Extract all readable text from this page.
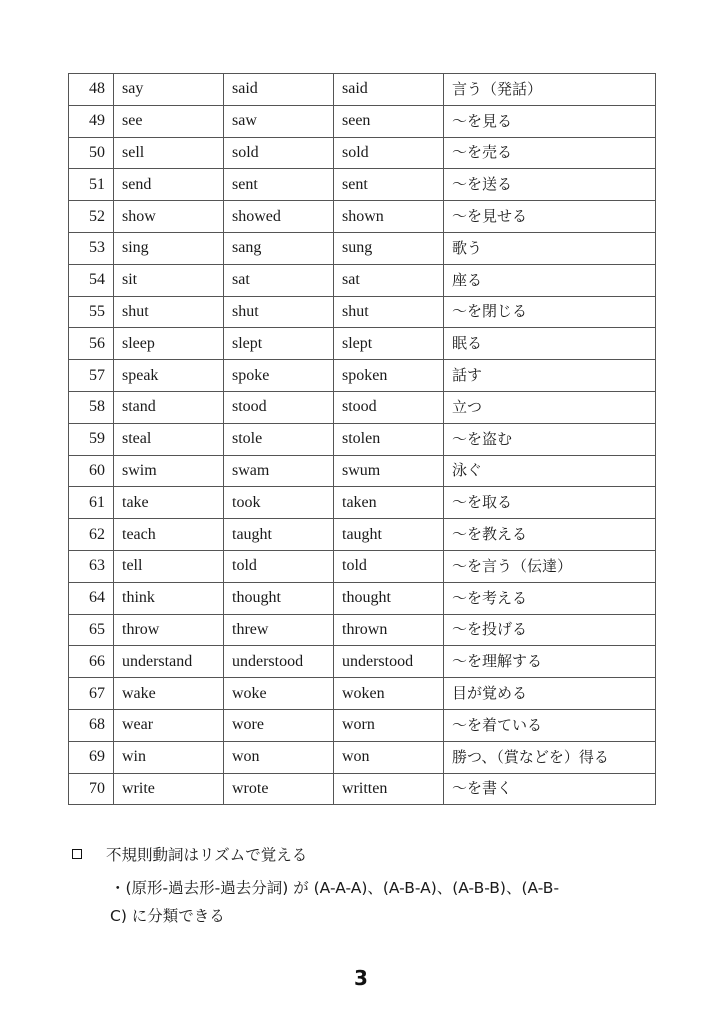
48	say	said	said	言う（発話）
49	see	saw	seen	～を見る
50	sell	sold	sold	～を売る
51	send	sent	sent	～を送る
52	show	showed	shown	～を見せる
53	sing	sang	sung	歌う
54	sit	sat	sat	座る
55	shut	shut	shut	～を閉じる
56	sleep	slept	slept	眠る
57	speak	spoke	spoken	話す
58	stand	stood	stood	立つ
59	steal	stole	stolen	～を盗む
60	swim	swam	swum	泳ぐ
61	take	took	taken	～を取る
62	teach	taught	taught	～を教える
63	tell	told	told	～を言う（伝達）
64	think	thought	thought	～を考える
65	throw	threw	thrown	～を投げる
66	understand	understood	understood	～を理解する
67	wake	woke	woken	目が覚める
68	wear	wore	worn	～を着ている
69	win	won	won	勝つ、（賞などを）得る
70	write	wrote	written	～を書く
不規則動詞はリズムで覚える
・(原形-過去形-過去分詞) が (A-A-A)、(A-B-A)、(A-B-B)、(A-B-
C) に分類できる
3
